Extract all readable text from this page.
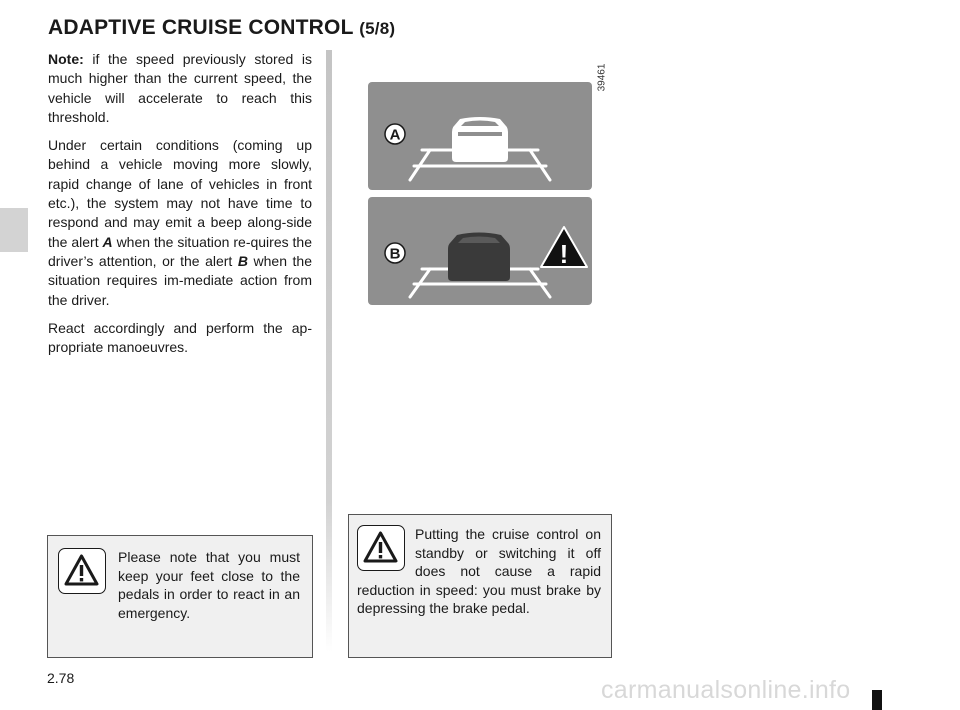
ADAPTIVE CRUISE CONTROL (5/8)

Note: if the speed previously stored is much higher than the current speed, the vehicle will accelerate to reach this threshold.

Under certain conditions (coming up behind a vehicle moving more slowly, rapid change of lane of vehicles in front etc.), the system may not have time to respond and may emit a beep along-side the alert A when the situation re-quires the driver’s attention, or the alert B when the situation requires im-mediate action from the driver.

React accordingly and perform the ap-propriate manoeuvres.

39461
A
!
B
Please note that you must keep your feet close to the pedals in order to react in an emergency.
Putting the cruise control on standby or switching it off does not cause a rapid reduction in speed: you must brake by depressing the brake pedal.
2.78	carmanualsonline.info
